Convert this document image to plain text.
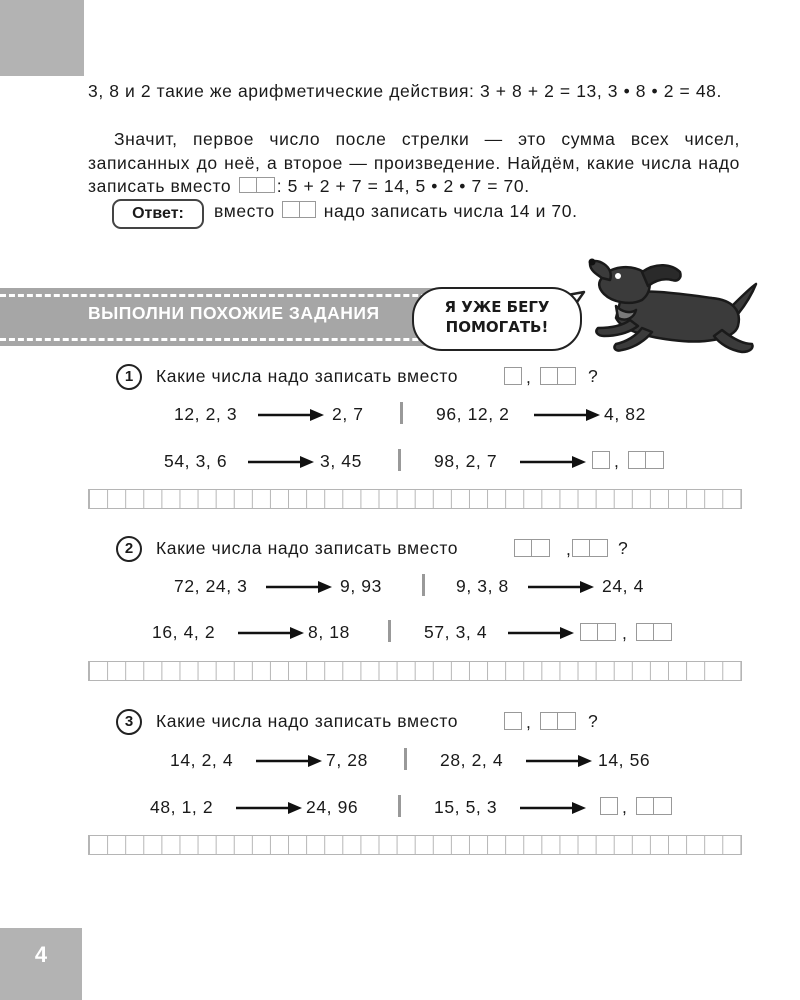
4
3, 8 и 2 такие же арифметические действия: 3 + 8 + 2 = 13, 3 • 8 • 2 = 48.
Значит, первое число после стрелки — это сумма всех чисел, записанных до неё, а второе — произведение. Найдём, какие числа надо записать вместо	: 5 + 2 + 7 = 14, 5 • 2 • 7 = 70.
Ответ:	вместо	надо записать числа 14 и 70.
ВЫПОЛНИ ПОХОЖИЕ ЗАДАНИЯ	Я УЖЕ БЕГУ
ПОМОГАТЬ!
1	Какие числа надо записать вместо	,	?
12, 2, 3	2, 7	96, 12, 2	4, 82
54, 3, 6	3, 45	98, 2, 7	,
2	Какие числа надо записать вместо	,	?
72, 24, 3	9, 93	9, 3, 8	24, 4
16, 4, 2	8, 18	57, 3, 4	,
3	Какие числа надо записать вместо	,	?
14, 2, 4	7, 28	28, 2, 4	14, 56
48, 1, 2	24, 96	15, 5, 3	,
